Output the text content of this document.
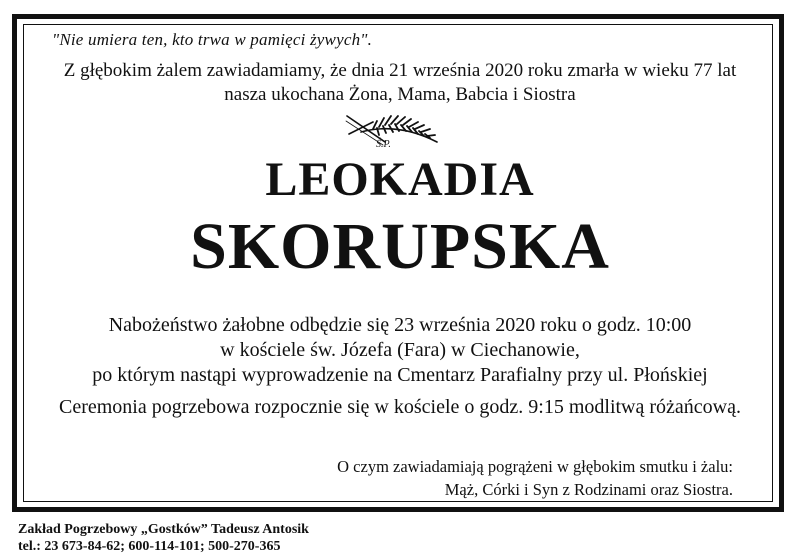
"Nie umiera ten, kto trwa w pamięci żywych".
Z głębokim żalem zawiadamiamy, że dnia 21 września 2020 roku zmarła w wieku 77 lat
nasza ukochana Żona, Mama, Babcia i Siostra
Ś.P.
LEOKADIA
SKORUPSKA
Nabożeństwo żałobne odbędzie się 23 września 2020 roku o godz. 10:00
w kościele św. Józefa (Fara) w Ciechanowie,
po którym nastąpi wyprowadzenie na Cmentarz Parafialny przy ul. Płońskiej
Ceremonia pogrzebowa rozpocznie się w kościele o godz. 9:15 modlitwą różańcową.
O czym zawiadamiają pogrążeni w głębokim smutku i żalu:
Mąż, Córki i Syn z Rodzinami oraz Siostra.
Zakład Pogrzebowy „Gostków” Tadeusz Antosik
tel.: 23 673-84-62; 600-114-101; 500-270-365
